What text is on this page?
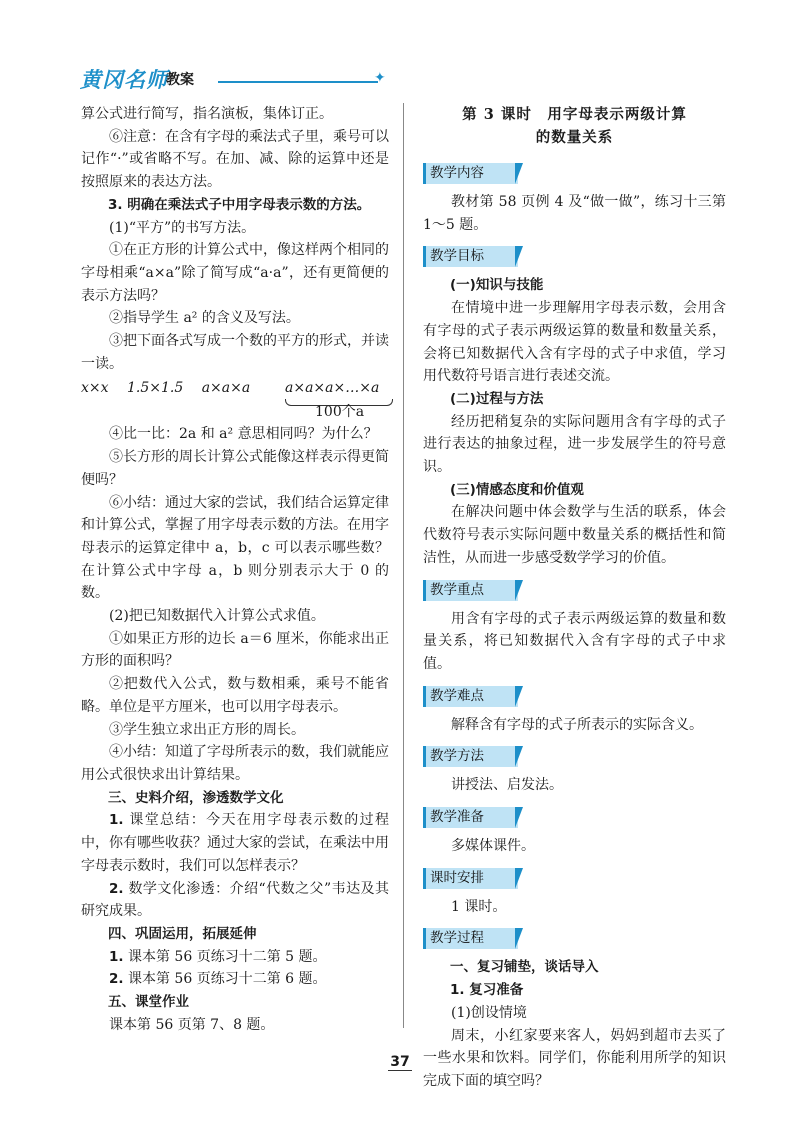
黄冈名师
教案	✦

算公式进行简写，指名演板，集体订正。

⑥注意：在含有字母的乘法式子里，乘号可以记作“·”或省略不写。在加、减、除的运算中还是按照原来的表达方法。

3. 明确在乘法式子中用字母表示数的方法。

(1)“平方”的书写方法。

①在正方形的计算公式中，像这样两个相同的字母相乘“a×a”除了简写成“a·a”，还有更简便的表示方法吗？

②指导学生 a² 的含义及写法。

③把下面各式写成一个数的平方的形式，并读一读。

x×x 1.5×1.5 a×a×a a×a×a×…×a
100个a

④比一比：2a 和 a² 意思相同吗？为什么？

⑤长方形的周长计算公式能像这样表示得更简便吗？

⑥小结：通过大家的尝试，我们结合运算定律和计算公式，掌握了用字母表示数的方法。在用字母表示的运算定律中 a，b，c 可以表示哪些数？在计算公式中字母 a，b 则分别表示大于 0 的数。

(2)把已知数据代入计算公式求值。

①如果正方形的边长 a＝6 厘米，你能求出正方形的面积吗？

②把数代入公式，数与数相乘，乘号不能省略。单位是平方厘米，也可以用字母表示。

③学生独立求出正方形的周长。

④小结：知道了字母所表示的数，我们就能应用公式很快求出计算结果。

三、史料介绍，渗透数学文化

1. 课堂总结：今天在用字母表示数的过程中，你有哪些收获？通过大家的尝试，在乘法中用字母表示数时，我们可以怎样表示？

2. 数学文化渗透：介绍“代数之父”韦达及其研究成果。

四、巩固运用，拓展延伸

1. 课本第 56 页练习十二第 5 题。

2. 课本第 56 页练习十二第 6 题。

五、课堂作业

课本第 56 页第 7、8 题。

第 3 课时　用字母表示两级计算
的数量关系
教学内容

教材第 58 页例 4 及“做一做”，练习十三第 1～5 题。

教学目标

(一)知识与技能

在情境中进一步理解用字母表示数，会用含有字母的式子表示两级运算的数量和数量关系，会将已知数据代入含有字母的式子中求值，学习用代数符号语言进行表述交流。

(二)过程与方法

经历把稍复杂的实际问题用含有字母的式子进行表达的抽象过程，进一步发展学生的符号意识。

(三)情感态度和价值观

在解决问题中体会数学与生活的联系，体会代数符号表示实际问题中数量关系的概括性和简洁性，从而进一步感受数学学习的价值。

教学重点

用含有字母的式子表示两级运算的数量和数量关系，将已知数据代入含有字母的式子中求值。

教学难点

解释含有字母的式子所表示的实际含义。

教学方法

讲授法、启发法。

教学准备

多媒体课件。

课时安排

1 课时。

教学过程

一、复习铺垫，谈话导入

1. 复习准备

(1)创设情境

周末，小红家要来客人，妈妈到超市去买了一些水果和饮料。同学们，你能利用所学的知识完成下面的填空吗？

37
